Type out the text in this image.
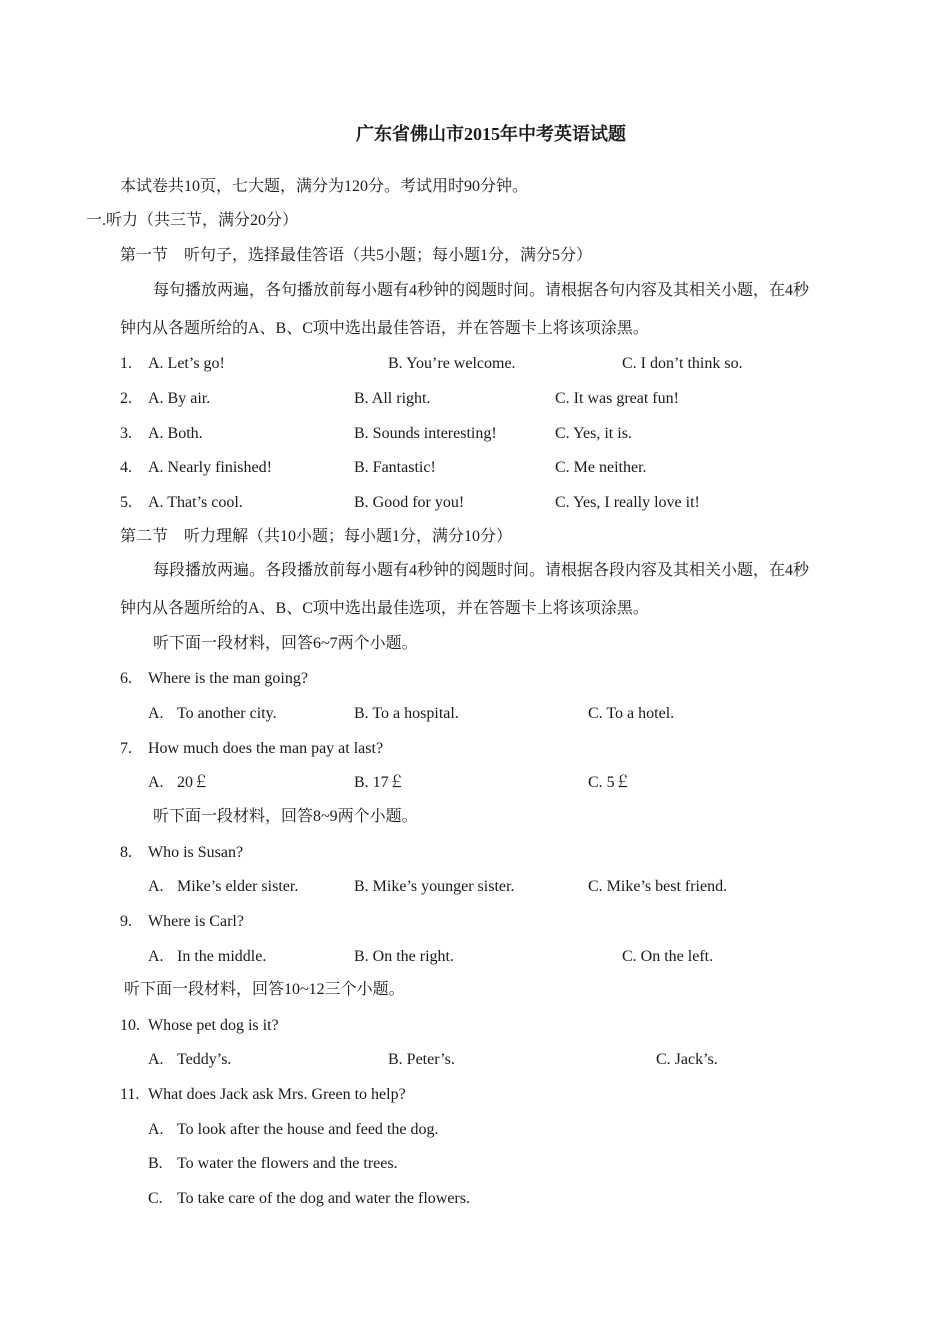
广东省佛山市2015年中考英语试题
本试卷共10页，七大题，满分为120分。考试用时90分钟。
一.听力（共三节，满分20分）
第一节　听句子，选择最佳答语（共5小题；每小题1分，满分5分）
每句播放两遍，各句播放前每小题有4秒钟的阅题时间。请根据各句内容及其相关小题，在4秒
钟内从各题所给的A、B、C项中选出最佳答语，并在答题卡上将该项涂黑。
1. A. Let’s go!	B. You’re welcome.	C. I don’t think so.
2. A. By air.	B. All right.	C. It was great fun!
3. A. Both.	B. Sounds interesting!	C. Yes, it is.
4. A. Nearly finished!	B. Fantastic!	C. Me neither.
5. A. That’s cool.	B. Good for you!	C. Yes, I really love it!
第二节　听力理解（共10小题；每小题1分，满分10分）
每段播放两遍。各段播放前每小题有4秒钟的阅题时间。请根据各段内容及其相关小题，在4秒
钟内从各题所给的A、B、C项中选出最佳选项，并在答题卡上将该项涂黑。
听下面一段材料，回答6~7两个小题。
6. Where is the man going?
A. To another city.	B. To a hospital.	C. To a hotel.
7. How much does the man pay at last?
A. 20￡	B. 17￡	C. 5￡
听下面一段材料，回答8~9两个小题。
8. Who is Susan?
A. Mike’s elder sister.	B. Mike’s younger sister.	C. Mike’s best friend.
9. Where is Carl?
A. In the middle.	B. On the right.	C. On the left.
听下面一段材料，回答10~12三个小题。
10. Whose pet dog is it?
A. Teddy’s.	B. Peter’s.	C. Jack’s.
11. What does Jack ask Mrs. Green to help?
A. To look after the house and feed the dog.
B. To water the flowers and the trees.
C. To take care of the dog and water the flowers.
